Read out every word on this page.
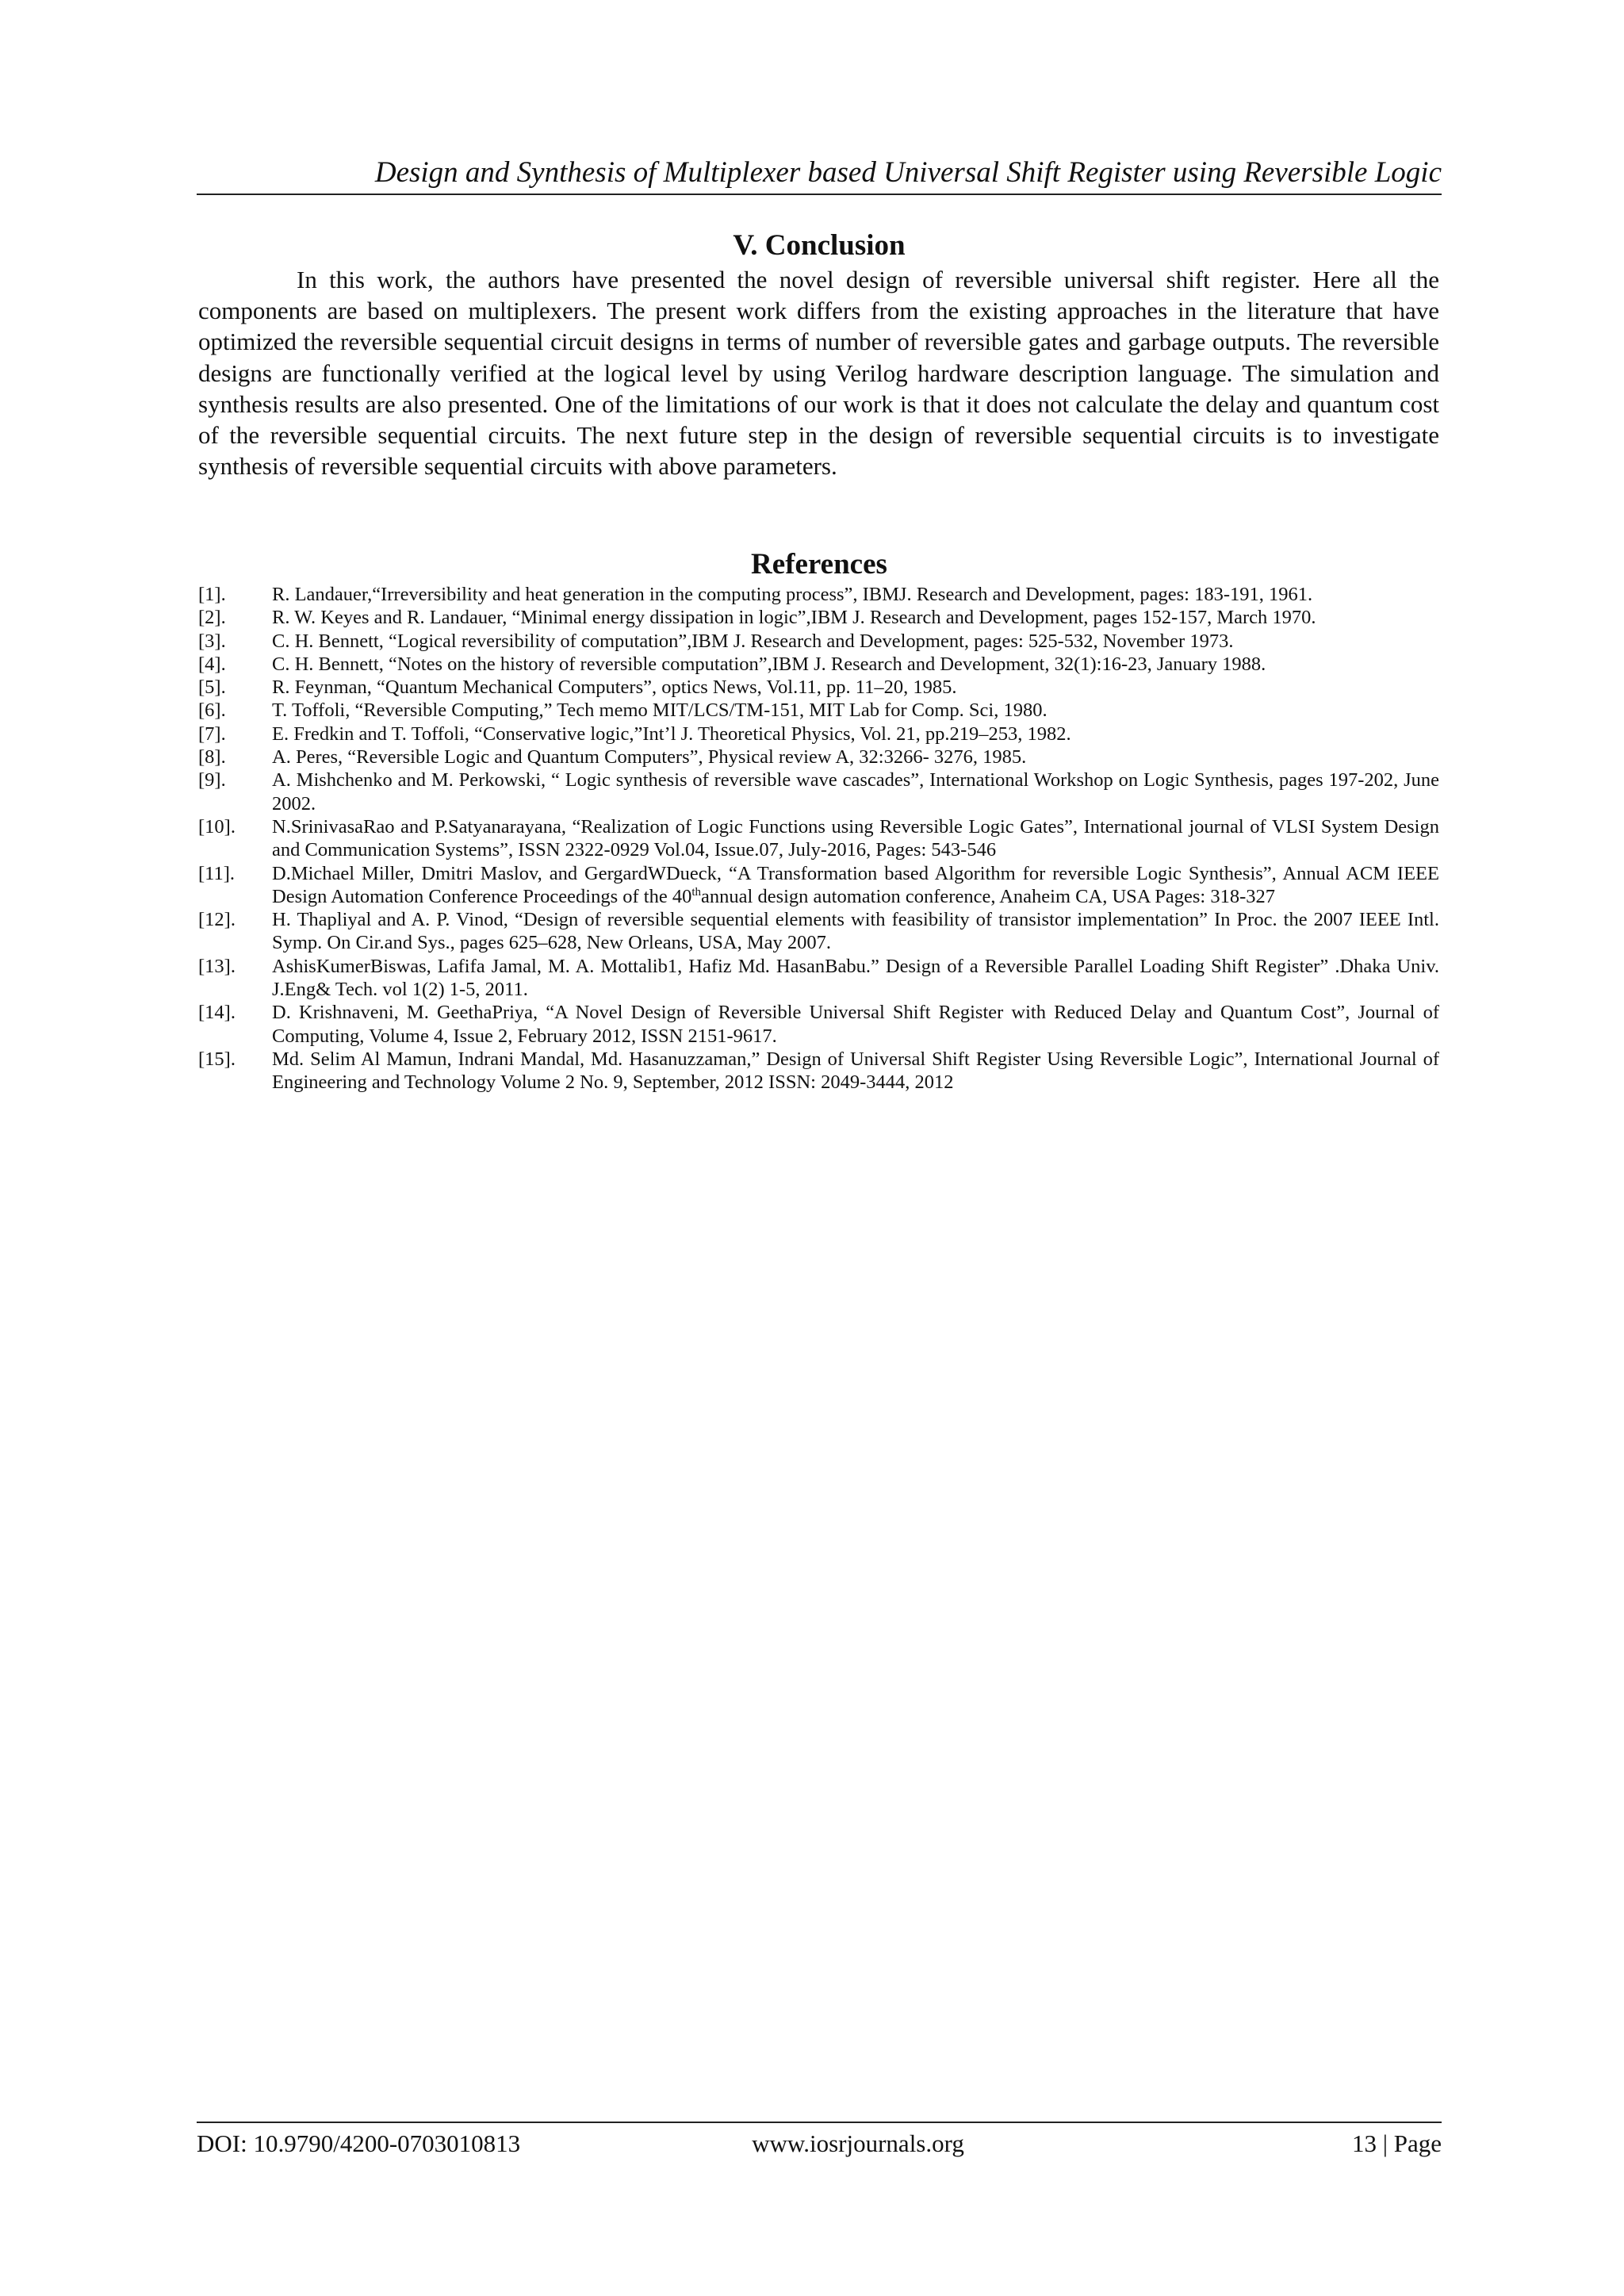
Design and Synthesis of Multiplexer based Universal Shift Register using Reversible Logic
V. Conclusion

In this work, the authors have presented the novel design of reversible universal shift register. Here all the components are based on multiplexers. The present work differs from the existing approaches in the literature that have optimized the reversible sequential circuit designs in terms of number of reversible gates and garbage outputs. The reversible designs are functionally verified at the logical level by using Verilog hardware description language. The simulation and synthesis results are also presented. One of the limitations of our work is that it does not calculate the delay and quantum cost of the reversible sequential circuits. The next future step in the design of reversible sequential circuits is to investigate synthesis of reversible sequential circuits with above parameters.

References
[1].	R. Landauer,“Irreversibility and heat generation in the computing process”, IBMJ. Research and Development, pages: 183-191, 1961.
[2].	R. W. Keyes and R. Landauer, “Minimal energy dissipation in logic”,IBM J. Research and Development, pages 152-157, March 1970.
[3].	C. H. Bennett, “Logical reversibility of computation”,IBM J. Research and Development, pages: 525-532, November 1973.
[4].	C. H. Bennett, “Notes on the history of reversible computation”,IBM J. Research and Development, 32(1):16-23, January 1988.
[5].	R. Feynman, “Quantum Mechanical Computers”, optics News, Vol.11, pp. 11–20, 1985.
[6].	T. Toffoli, “Reversible Computing,” Tech memo MIT/LCS/TM-151, MIT Lab for Comp. Sci, 1980.
[7].	E. Fredkin and T. Toffoli, “Conservative logic,”Int’l J. Theoretical Physics, Vol. 21, pp.219–253, 1982.
[8].	A. Peres, “Reversible Logic and Quantum Computers”, Physical review A, 32:3266- 3276, 1985.
[9].	A. Mishchenko and M. Perkowski, “ Logic synthesis of reversible wave cascades”, International Workshop on Logic Synthesis, pages 197-202, June 2002.
[10].	N.SrinivasaRao and P.Satyanarayana, “Realization of Logic Functions using Reversible Logic Gates”, International journal of VLSI System Design and Communication Systems”, ISSN 2322-0929 Vol.04, Issue.07, July-2016, Pages: 543-546
[11].	D.Michael Miller, Dmitri Maslov, and GergardWDueck, “A Transformation based Algorithm for reversible Logic Synthesis”, Annual ACM IEEE Design Automation Conference Proceedings of the 40thannual design automation conference, Anaheim CA, USA Pages: 318-327
[12].	H. Thapliyal and A. P. Vinod, “Design of reversible sequential elements with feasibility of transistor implementation” In Proc. the 2007 IEEE Intl. Symp. On Cir.and Sys., pages 625–628, New Orleans, USA, May 2007.
[13].	AshisKumerBiswas, Lafifa Jamal, M. A. Mottalib1, Hafiz Md. HasanBabu.” Design of a Reversible Parallel Loading Shift Register” .Dhaka Univ. J.Eng& Tech. vol 1(2) 1-5, 2011.
[14].	D. Krishnaveni, M. GeethaPriya, “A Novel Design of Reversible Universal Shift Register with Reduced Delay and Quantum Cost”, Journal of Computing, Volume 4, Issue 2, February 2012, ISSN 2151-9617.
[15].	Md. Selim Al Mamun, Indrani Mandal, Md. Hasanuzzaman,” Design of Universal Shift Register Using Reversible Logic”, International Journal of Engineering and Technology Volume 2 No. 9, September, 2012 ISSN: 2049-3444, 2012
DOI: 10.9790/4200-0703010813	www.iosrjournals.org	13 | Page
